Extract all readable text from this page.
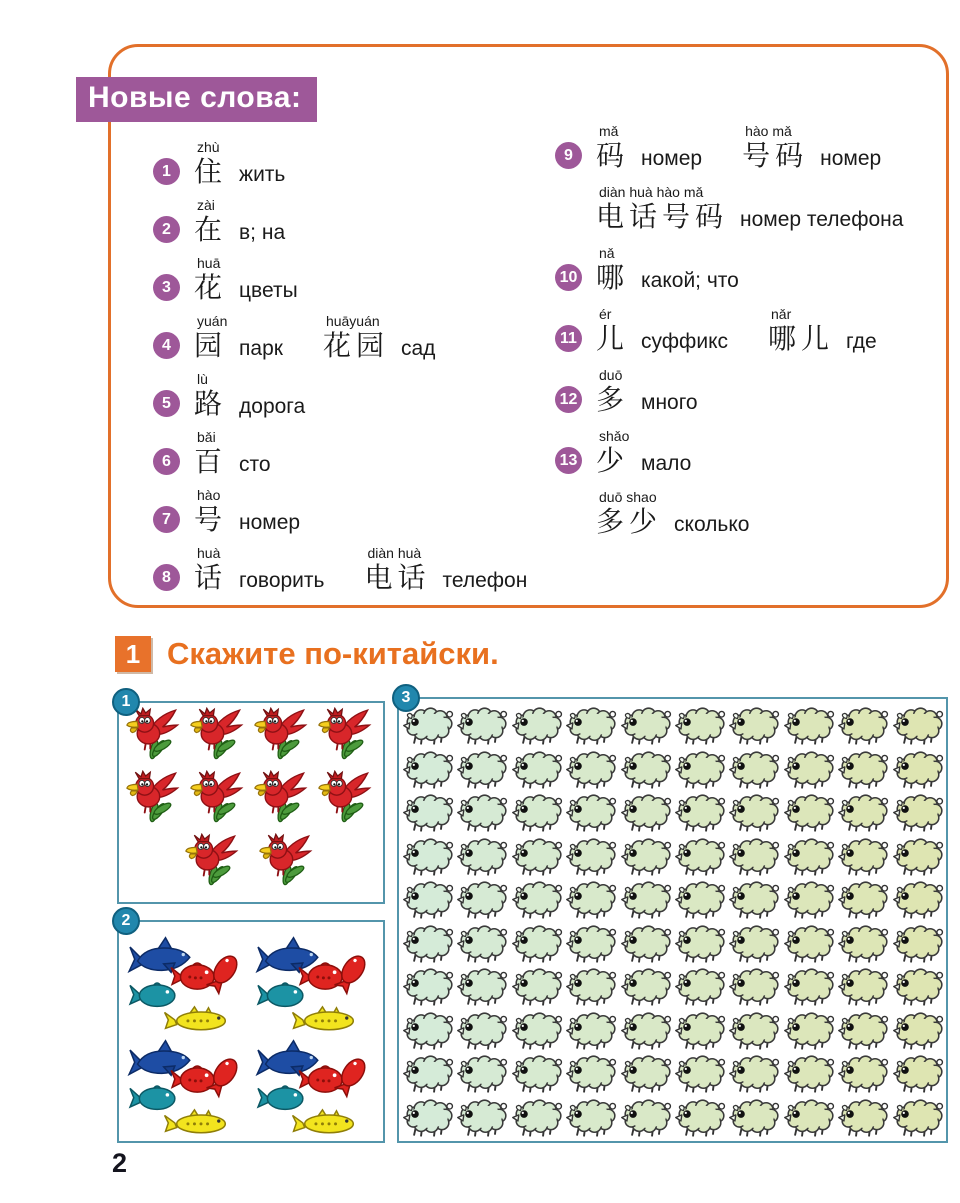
Новые слова:
1
zhù
住 жить
2
zài
在 в; на
3
huā
花 цветы
4
yuán
园 парк
huāyuán
花园 сад
5
lù
路 дорога
6
bǎi
百 сто
7
hào
号 номер
8
huà
话 говорить
diàn huà
电话 телефон
9
mǎ
码 номер
hào mǎ
号码 номер
diàn huà hào mǎ
电话号码 номер телефона
10
nǎ
哪 какой; что
11
ér
儿 суффикс
nǎr
哪儿 где
12
duō
多 много
13
shǎo
少 мало
duō shao
多少 сколько
1 Скажите по-китайски.
1
2
3
2
